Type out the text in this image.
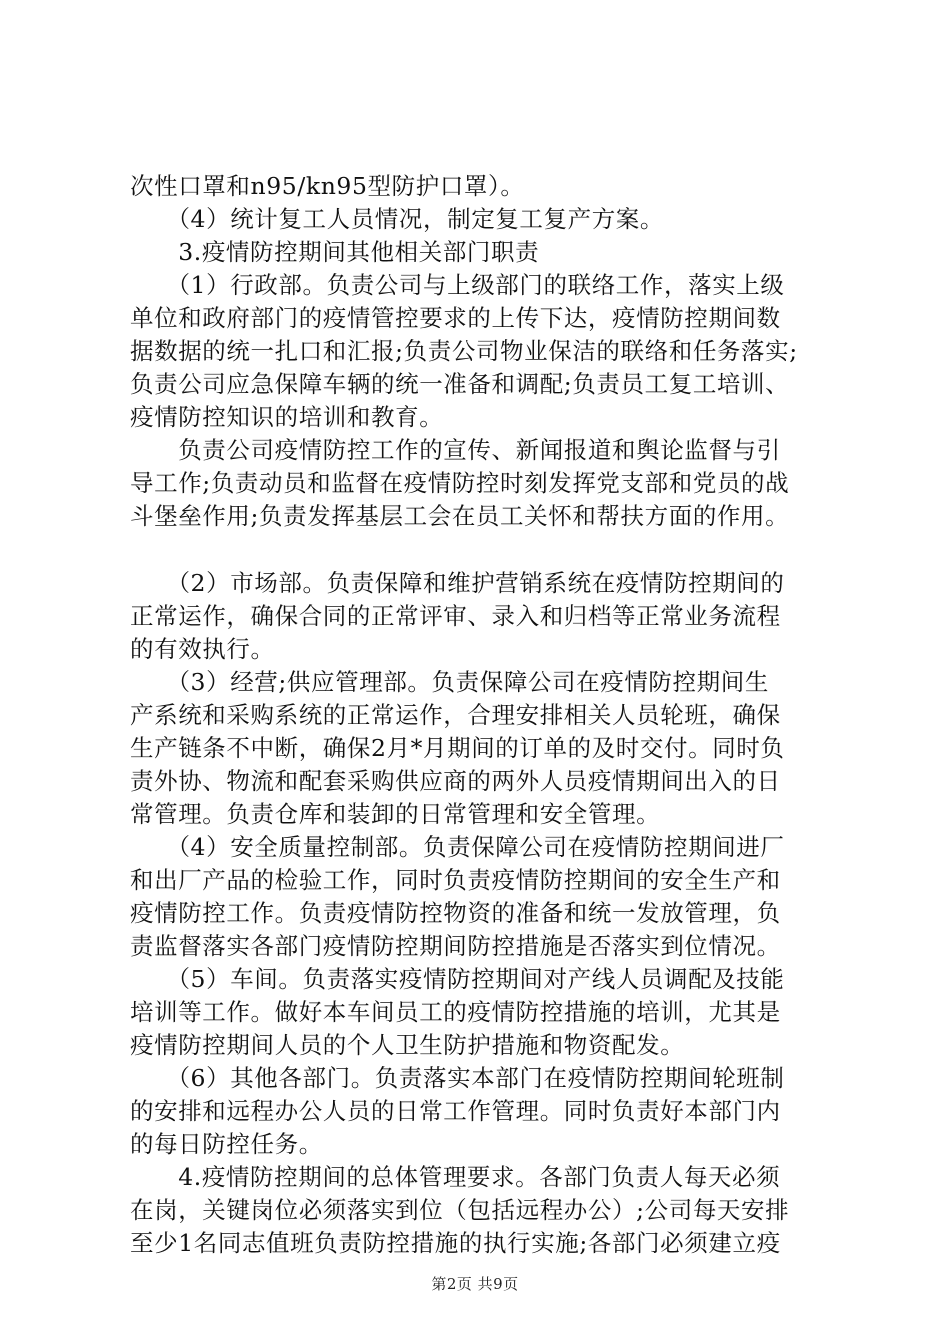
次性口罩和n95/kn95型防护口罩）。
　　（4）统计复工人员情况，制定复工复产方案。
　　3.疫情防控期间其他相关部门职责
　　（1）行政部。负责公司与上级部门的联络工作，落实上级
单位和政府部门的疫情管控要求的上传下达，疫情防控期间数
据数据的统一扎口和汇报;负责公司物业保洁的联络和任务落实;
负责公司应急保障车辆的统一准备和调配;负责员工复工培训、
疫情防控知识的培训和教育。
　　负责公司疫情防控工作的宣传、新闻报道和舆论监督与引
导工作;负责动员和监督在疫情防控时刻发挥党支部和党员的战
斗堡垒作用;负责发挥基层工会在员工关怀和帮扶方面的作用。
　　（2）市场部。负责保障和维护营销系统在疫情防控期间的
正常运作，确保合同的正常评审、录入和归档等正常业务流程
的有效执行。
　　（3）经营;供应管理部。负责保障公司在疫情防控期间生
产系统和采购系统的正常运作，合理安排相关人员轮班，确保
生产链条不中断，确保2月*月期间的订单的及时交付。同时负
责外协、物流和配套采购供应商的两外人员疫情期间出入的日
常管理。负责仓库和装卸的日常管理和安全管理。
　　（4）安全质量控制部。负责保障公司在疫情防控期间进厂
和出厂产品的检验工作，同时负责疫情防控期间的安全生产和
疫情防控工作。负责疫情防控物资的准备和统一发放管理，负
责监督落实各部门疫情防控期间防控措施是否落实到位情况。
　　（5）车间。负责落实疫情防控期间对产线人员调配及技能
培训等工作。做好本车间员工的疫情防控措施的培训，尤其是
疫情防控期间人员的个人卫生防护措施和物资配发。
　　（6）其他各部门。负责落实本部门在疫情防控期间轮班制
的安排和远程办公人员的日常工作管理。同时负责好本部门内
的每日防控任务。
　　4.疫情防控期间的总体管理要求。各部门负责人每天必须
在岗，关键岗位必须落实到位（包括远程办公）;公司每天安排
至少1名同志值班负责防控措施的执行实施;各部门必须建立疫
第2页 共9页
